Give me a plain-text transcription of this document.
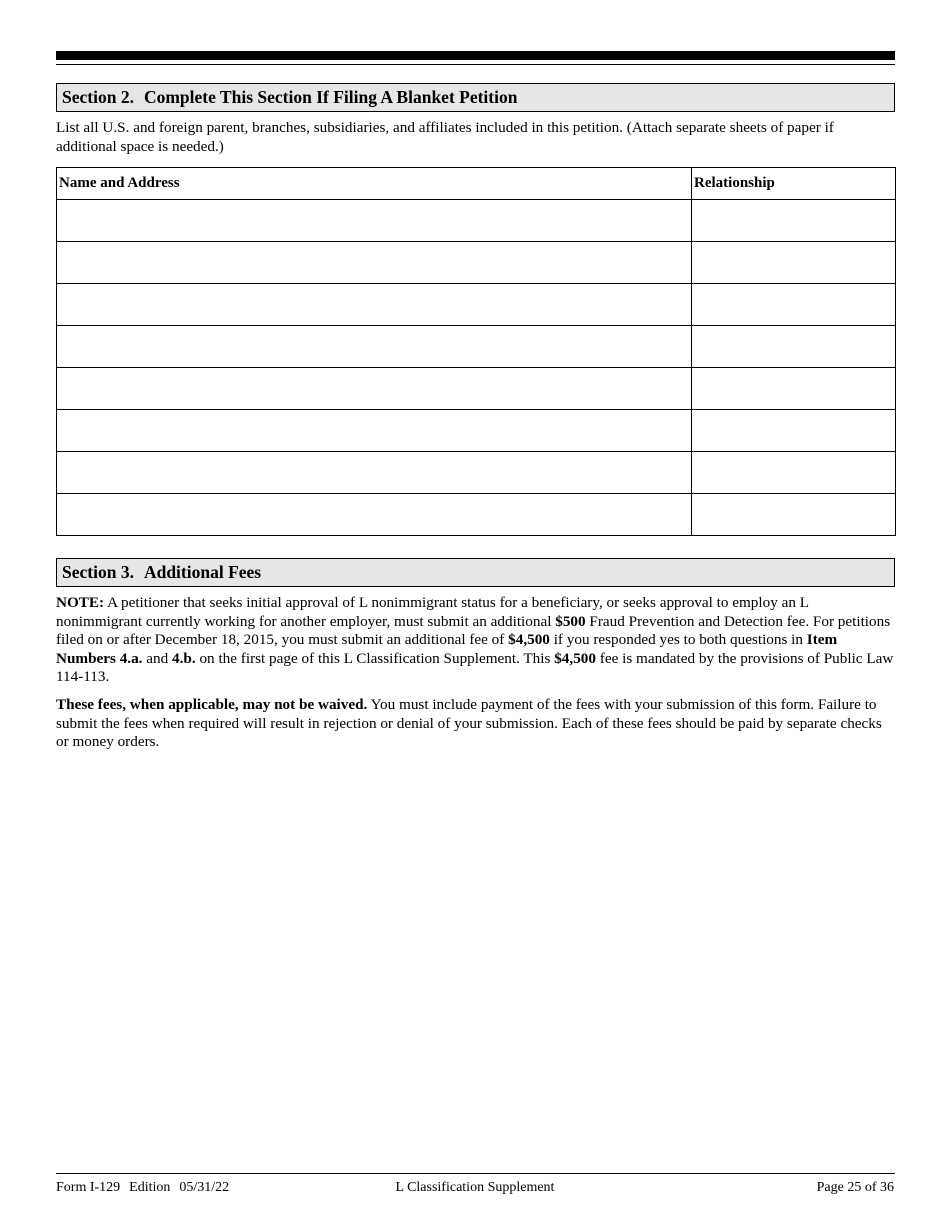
Section 2. Complete This Section If Filing A Blanket Petition
List all U.S. and foreign parent, branches, subsidiaries, and affiliates included in this petition. (Attach separate sheets of paper if additional space is needed.)
Name and Address	Relationship

Section 3. Additional Fees
NOTE: A petitioner that seeks initial approval of L nonimmigrant status for a beneficiary, or seeks approval to employ an L nonimmigrant currently working for another employer, must submit an additional $500 Fraud Prevention and Detection fee. For petitions filed on or after December 18, 2015, you must submit an additional fee of $4,500 if you responded yes to both questions in Item Numbers 4.a. and 4.b. on the first page of this L Classification Supplement. This $4,500 fee is mandated by the provisions of Public Law 114-113.
These fees, when applicable, may not be waived. You must include payment of the fees with your submission of this form. Failure to submit the fees when required will result in rejection or denial of your submission. Each of these fees should be paid by separate checks or money orders.
Form I-129 Edition 05/31/22	L Classification Supplement	Page 25 of 36
